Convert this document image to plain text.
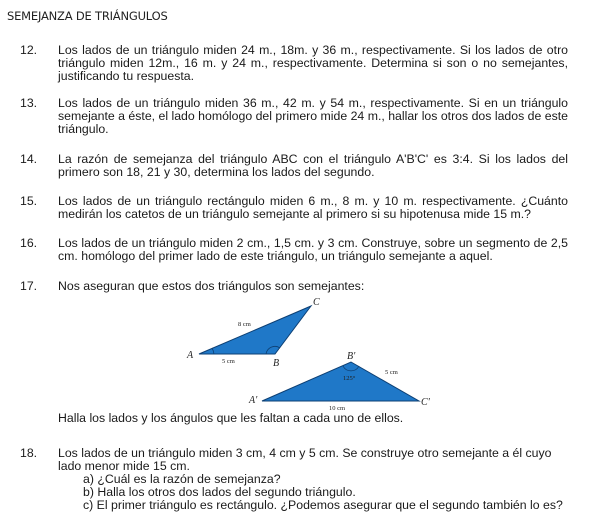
SEMEJANZA DE TRIÁNGULOS
12.	Los lados de un triángulo miden 24 m., 18m. y 36 m., respectivamente. Si los lados de otro
triángulo miden 12m., 16 m. y 24 m., respectivamente. Determina si son o no semejantes,
justificando tu respuesta.
13.	Los lados de un triángulo miden 36 m., 42 m. y 54 m., respectivamente. Si en un triángulo
semejante a éste, el lado homólogo del primero mide 24 m., hallar los otros dos lados de este
triángulo.
14.	La razón de semejanza del triángulo ABC con el triángulo A'B'C' es 3:4. Si los lados del
primero son 18, 21 y 30, determina los lados del segundo.
15.	Los lados de un triángulo rectángulo miden 6 m., 8 m. y 10 m. respectivamente. ¿Cuánto
medirán los catetos de un triángulo semejante al primero si su hipotenusa mide 15 m.?
16.	Los lados de un triángulo miden 2 cm., 1,5 cm. y 3 cm. Construye, sobre un segmento de 2,5
cm. homólogo del primer lado de este triángulo, un triángulo semejante a aquel.
17.	Nos aseguran que estos dos triángulos son semejantes:
A
B
C
8 cm
5 cm
A'
B'
C'
125°
5 cm
10 cm
Halla los lados y los ángulos que les faltan a cada uno de ellos.
18.	Los lados de un triángulo miden 3 cm, 4 cm y 5 cm. Se construye otro semejante a él cuyo
lado menor mide 15 cm.
a) ¿Cuál es la razón de semejanza?
b) Halla los otros dos lados del segundo triángulo.
c) El primer triángulo es rectángulo. ¿Podemos asegurar que el segundo también lo es?
